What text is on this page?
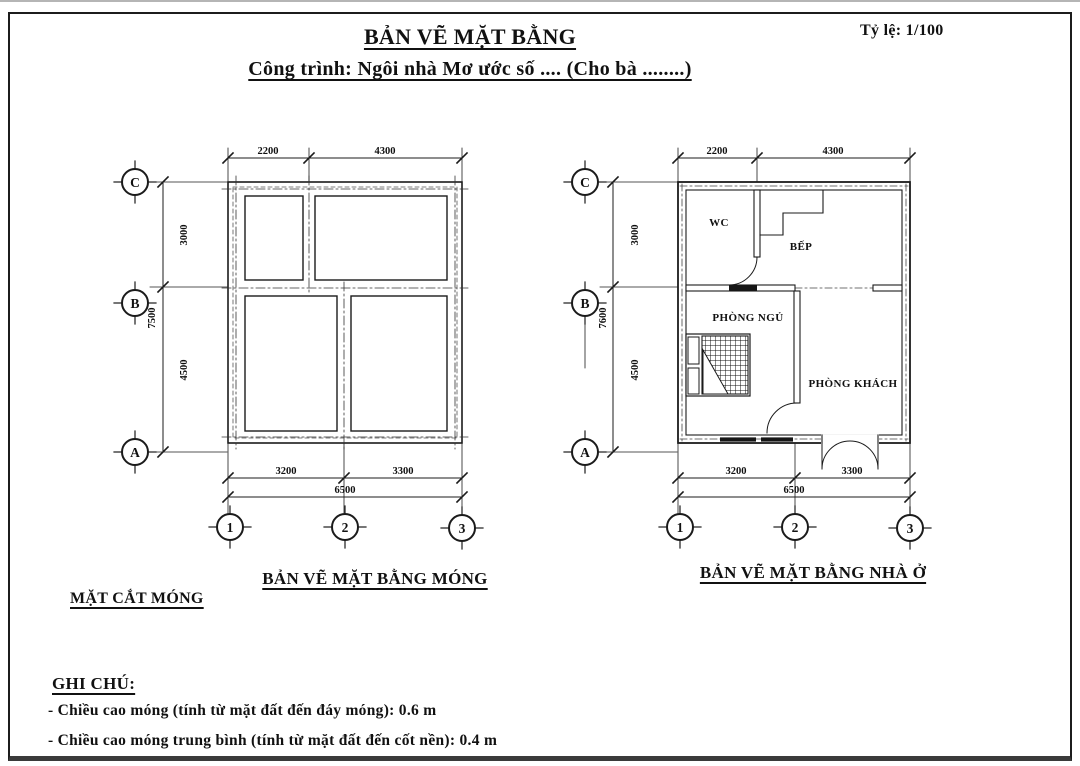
BẢN VẼ MẶT BẰNG
Công trình: Ngôi nhà Mơ ước số .... (Cho bà ........)
Tỷ lệ: 1/100
2200	4300
3000
4500
7500
3200	3300
6500
C
B
A
1	2	3
WC
BẾP
PHÒNG NGỦ
PHÒNG KHÁCH
2200	4300
3000
4500
7600
3200	3300
6500
C
B
A
1	2	3
BẢN VẼ MẶT BẰNG MÓNG	BẢN VẼ MẶT BẰNG NHÀ Ở
MẶT CẮT MÓNG
GHI CHÚ:
- Chiều cao móng (tính từ mặt đất đến đáy móng): 0.6 m
- Chiều cao móng trung bình (tính từ mặt đất đến cốt nền): 0.4 m
